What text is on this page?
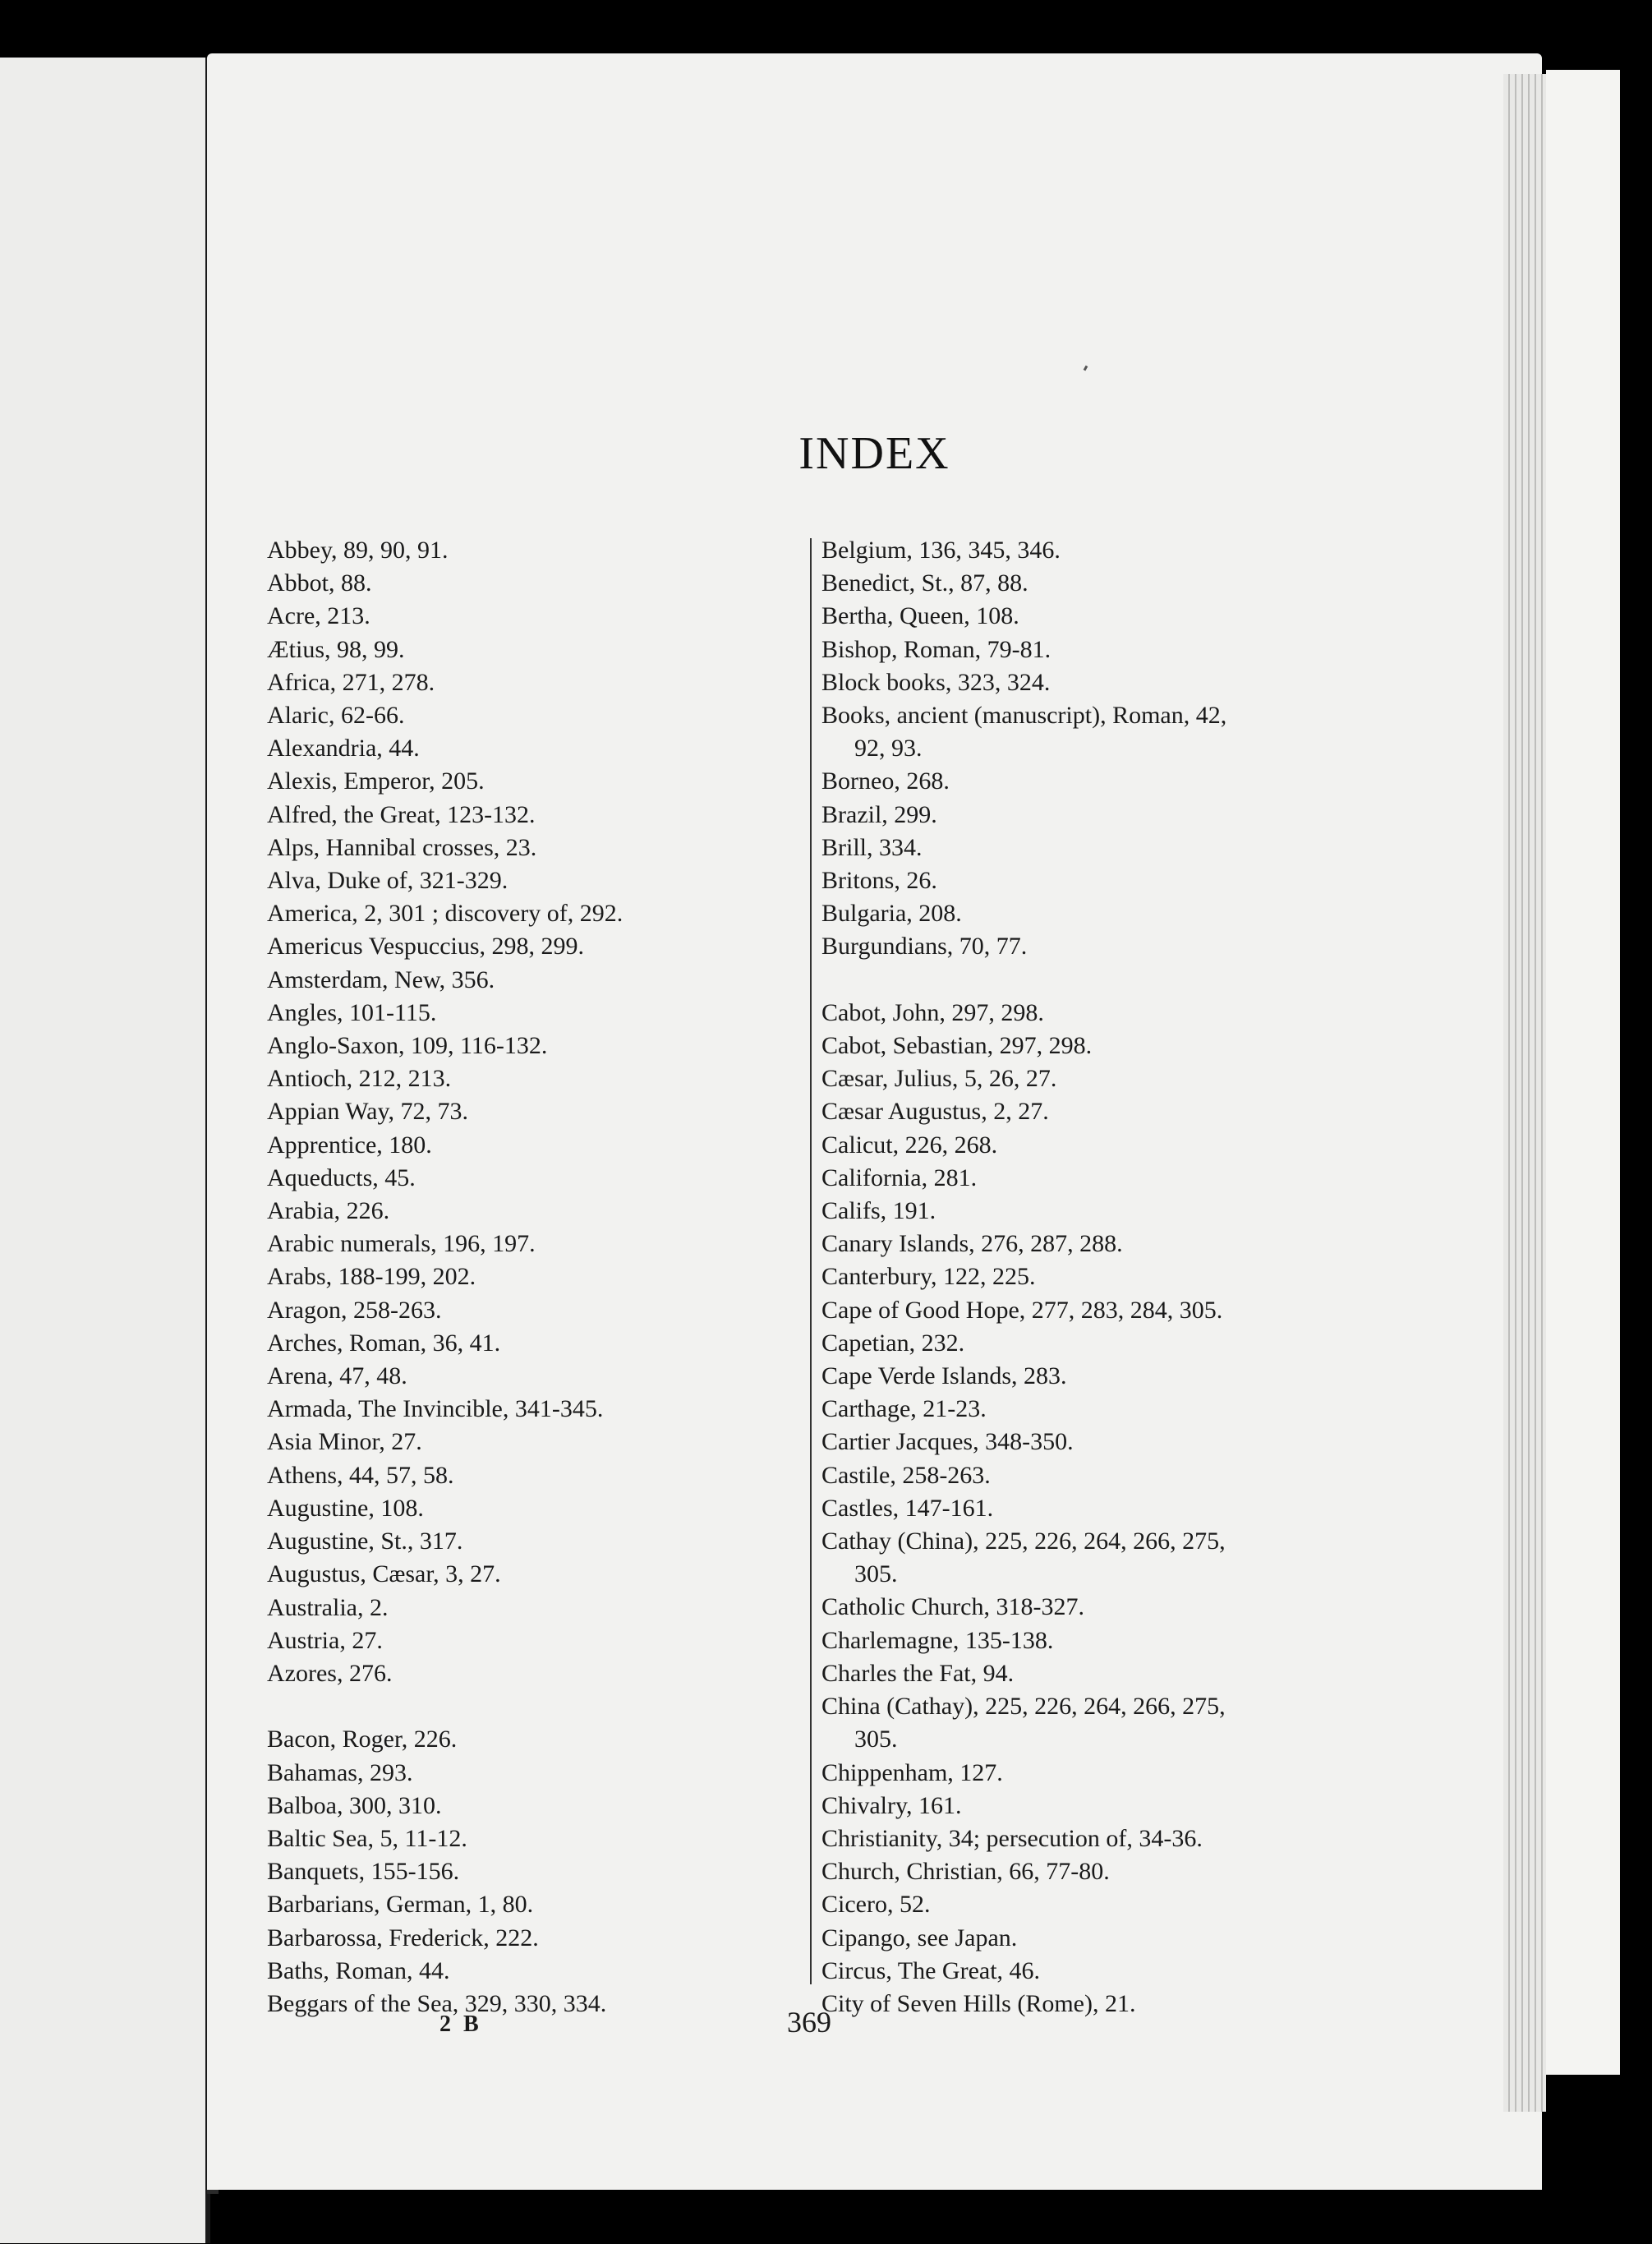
INDEX
Abbey, 89, 90, 91.
Abbot, 88.
Acre, 213.
Ætius, 98, 99.
Africa, 271, 278.
Alaric, 62-66.
Alexandria, 44.
Alexis, Emperor, 205.
Alfred, the Great, 123-132.
Alps, Hannibal crosses, 23.
Alva, Duke of, 321-329.
America, 2, 301 ; discovery of, 292.
Americus Vespuccius, 298, 299.
Amsterdam, New, 356.
Angles, 101-115.
Anglo-Saxon, 109, 116-132.
Antioch, 212, 213.
Appian Way, 72, 73.
Apprentice, 180.
Aqueducts, 45.
Arabia, 226.
Arabic numerals, 196, 197.
Arabs, 188-199, 202.
Aragon, 258-263.
Arches, Roman, 36, 41.
Arena, 47, 48.
Armada, The Invincible, 341-345.
Asia Minor, 27.
Athens, 44, 57, 58.
Augustine, 108.
Augustine, St., 317.
Augustus, Cæsar, 3, 27.
Australia, 2.
Austria, 27.
Azores, 276.
Bacon, Roger, 226.
Bahamas, 293.
Balboa, 300, 310.
Baltic Sea, 5, 11-12.
Banquets, 155-156.
Barbarians, German, 1, 80.
Barbarossa, Frederick, 222.
Baths, Roman, 44.
Beggars of the Sea, 329, 330, 334.
Belgium, 136, 345, 346.
Benedict, St., 87, 88.
Bertha, Queen, 108.
Bishop, Roman, 79-81.
Block books, 323, 324.
Books, ancient (manuscript), Roman, 42,
92, 93.
Borneo, 268.
Brazil, 299.
Brill, 334.
Britons, 26.
Bulgaria, 208.
Burgundians, 70, 77.
Cabot, John, 297, 298.
Cabot, Sebastian, 297, 298.
Cæsar, Julius, 5, 26, 27.
Cæsar Augustus, 2, 27.
Calicut, 226, 268.
California, 281.
Califs, 191.
Canary Islands, 276, 287, 288.
Canterbury, 122, 225.
Cape of Good Hope, 277, 283, 284, 305.
Capetian, 232.
Cape Verde Islands, 283.
Carthage, 21-23.
Cartier Jacques, 348-350.
Castile, 258-263.
Castles, 147-161.
Cathay (China), 225, 226, 264, 266, 275,
305.
Catholic Church, 318-327.
Charlemagne, 135-138.
Charles the Fat, 94.
China (Cathay), 225, 226, 264, 266, 275,
305.
Chippenham, 127.
Chivalry, 161.
Christianity, 34; persecution of, 34-36.
Church, Christian, 66, 77-80.
Cicero, 52.
Cipango, see Japan.
Circus, The Great, 46.
City of Seven Hills (Rome), 21.
2 B	369
